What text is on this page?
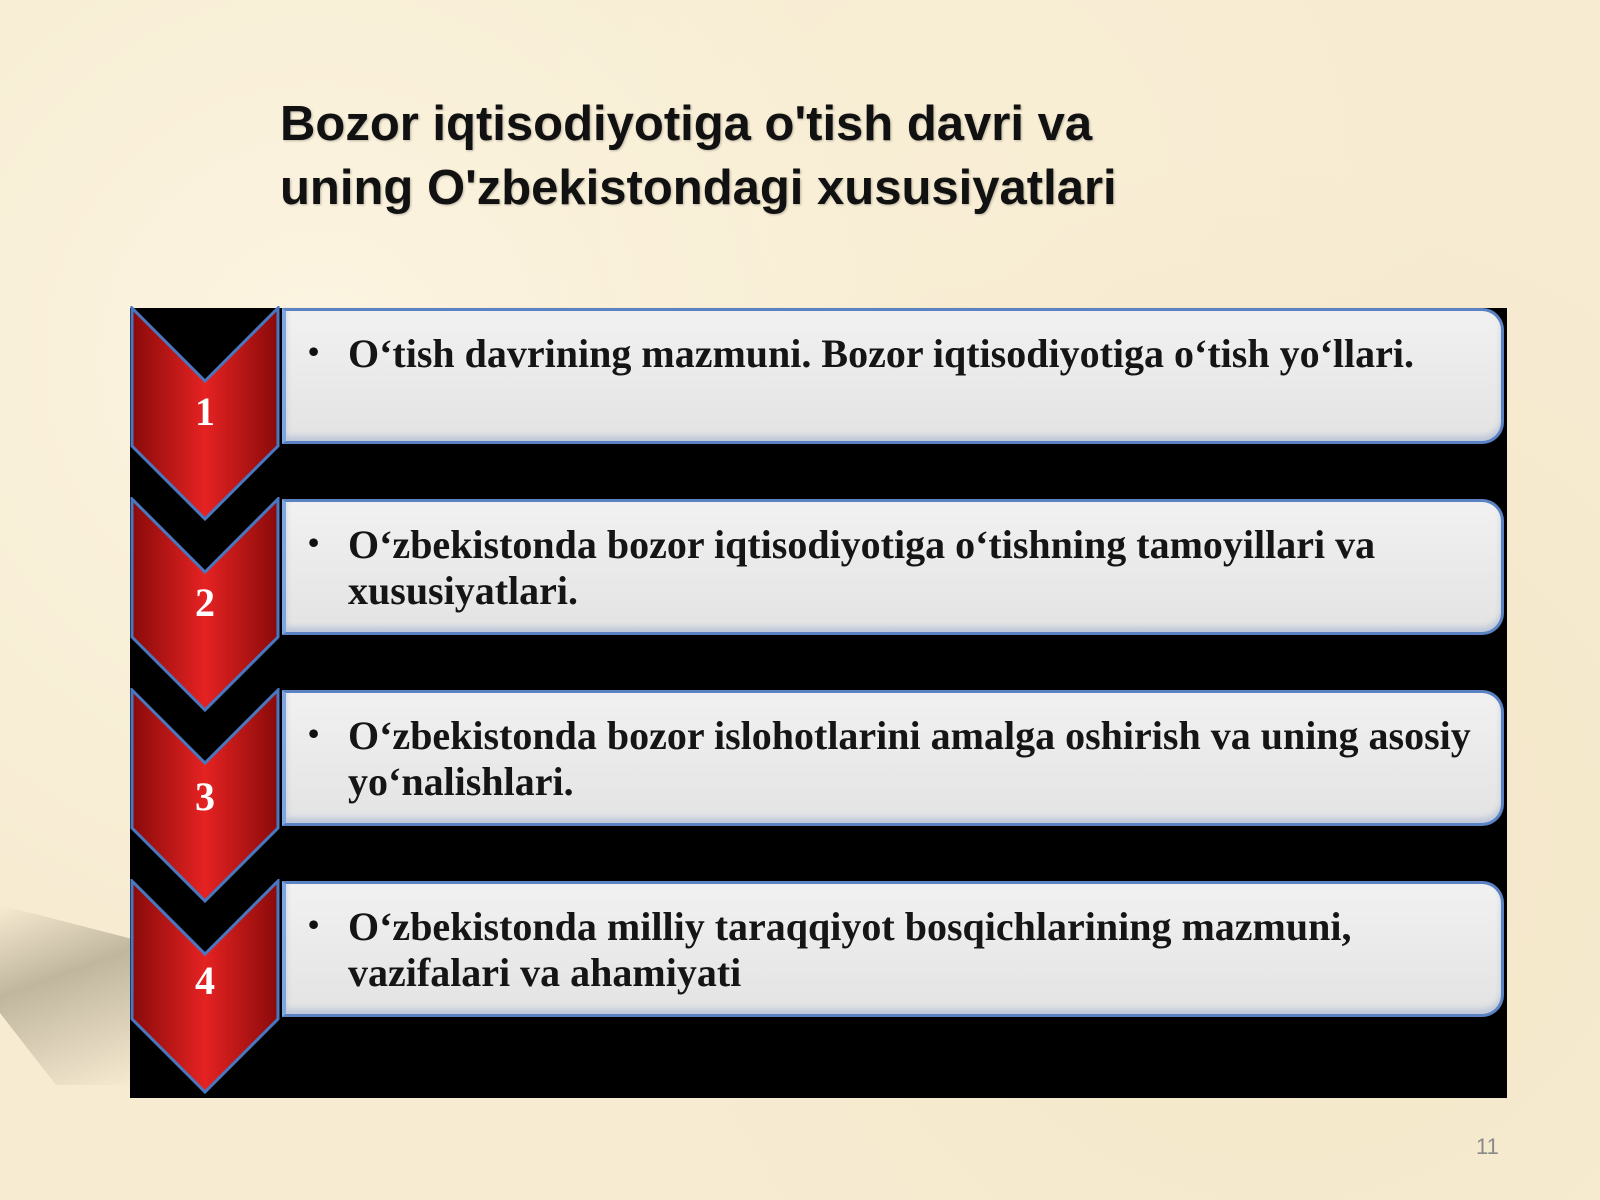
Bozor iqtisodiyotiga o'tish davri va
uning O'zbekistondagi xususiyatlari
1
• O‘tish davrining mazmuni. Bozor iqtisodiyotiga o‘tish yo‘llari.
2
• O‘zbekistonda bozor iqtisodiyotiga o‘tishning tamoyillari va xususiyatlari.
3
• O‘zbekistonda bozor islohotlarini amalga oshirish va uning asosiy yo‘nalishlari.
4
• O‘zbekistonda milliy taraqqiyot bosqichlarining mazmuni, vazifalari va ahamiyati
11
